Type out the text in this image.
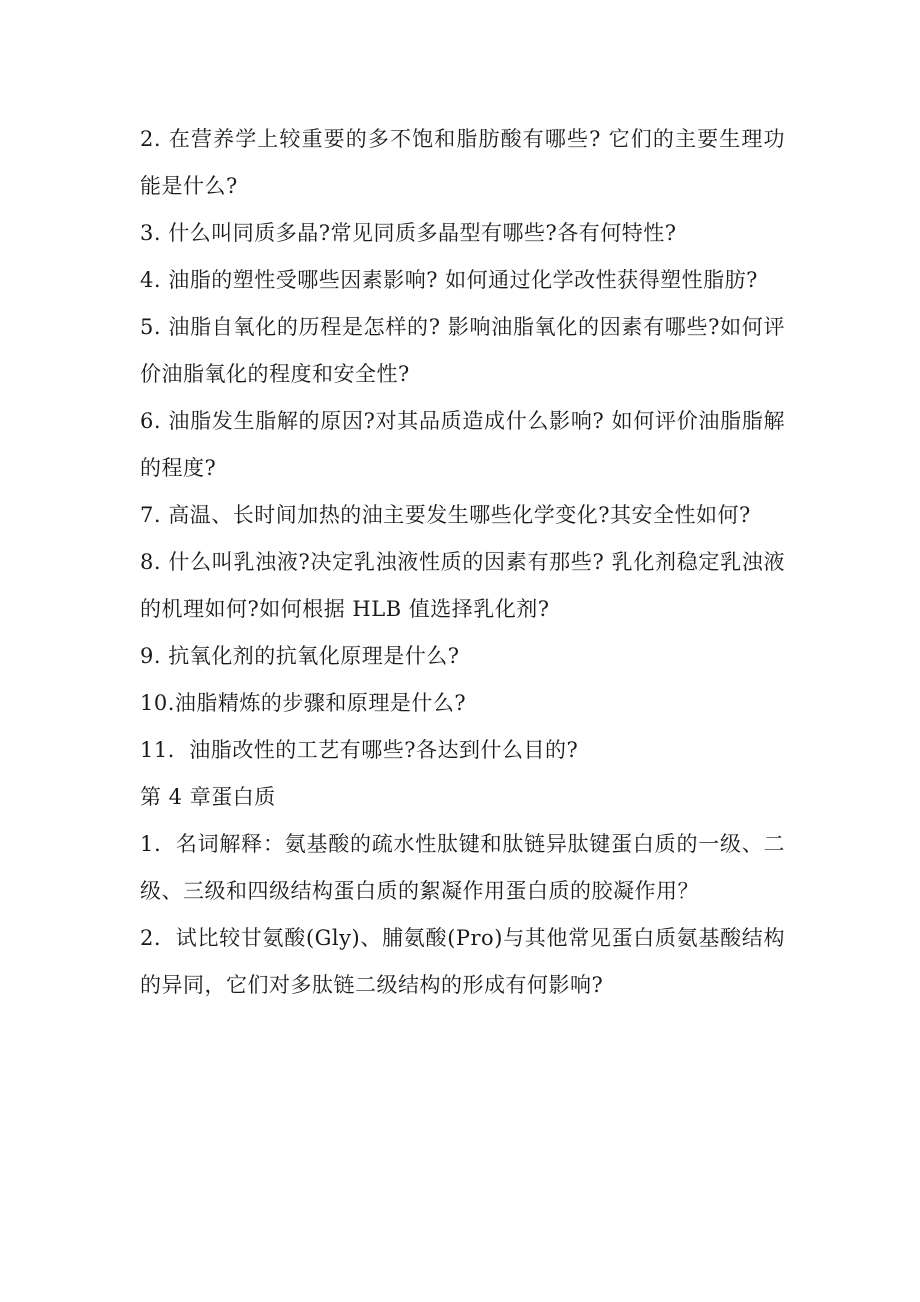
2. 在营养学上较重要的多不饱和脂肪酸有哪些? 它们的主要生理功能是什么?

3. 什么叫同质多晶?常见同质多晶型有哪些?各有何特性?

4. 油脂的塑性受哪些因素影响? 如何通过化学改性获得塑性脂肪?

5. 油脂自氧化的历程是怎样的? 影响油脂氧化的因素有哪些?如何评价油脂氧化的程度和安全性?

6. 油脂发生脂解的原因?对其品质造成什么影响? 如何评价油脂脂解的程度?

7. 高温、长时间加热的油主要发生哪些化学变化?其安全性如何?

8. 什么叫乳浊液?决定乳浊液性质的因素有那些? 乳化剂稳定乳浊液的机理如何?如何根据 HLB 值选择乳化剂?

9. 抗氧化剂的抗氧化原理是什么?

10.油脂精炼的步骤和原理是什么?

11．油脂改性的工艺有哪些?各达到什么目的?

第 4 章蛋白质

1．名词解释：氨基酸的疏水性肽键和肽链异肽键蛋白质的一级、二级、三级和四级结构蛋白质的絮凝作用蛋白质的胶凝作用？

2．试比较甘氨酸(Gly)、脯氨酸(Pro)与其他常见蛋白质氨基酸结构的异同，它们对多肽链二级结构的形成有何影响?
